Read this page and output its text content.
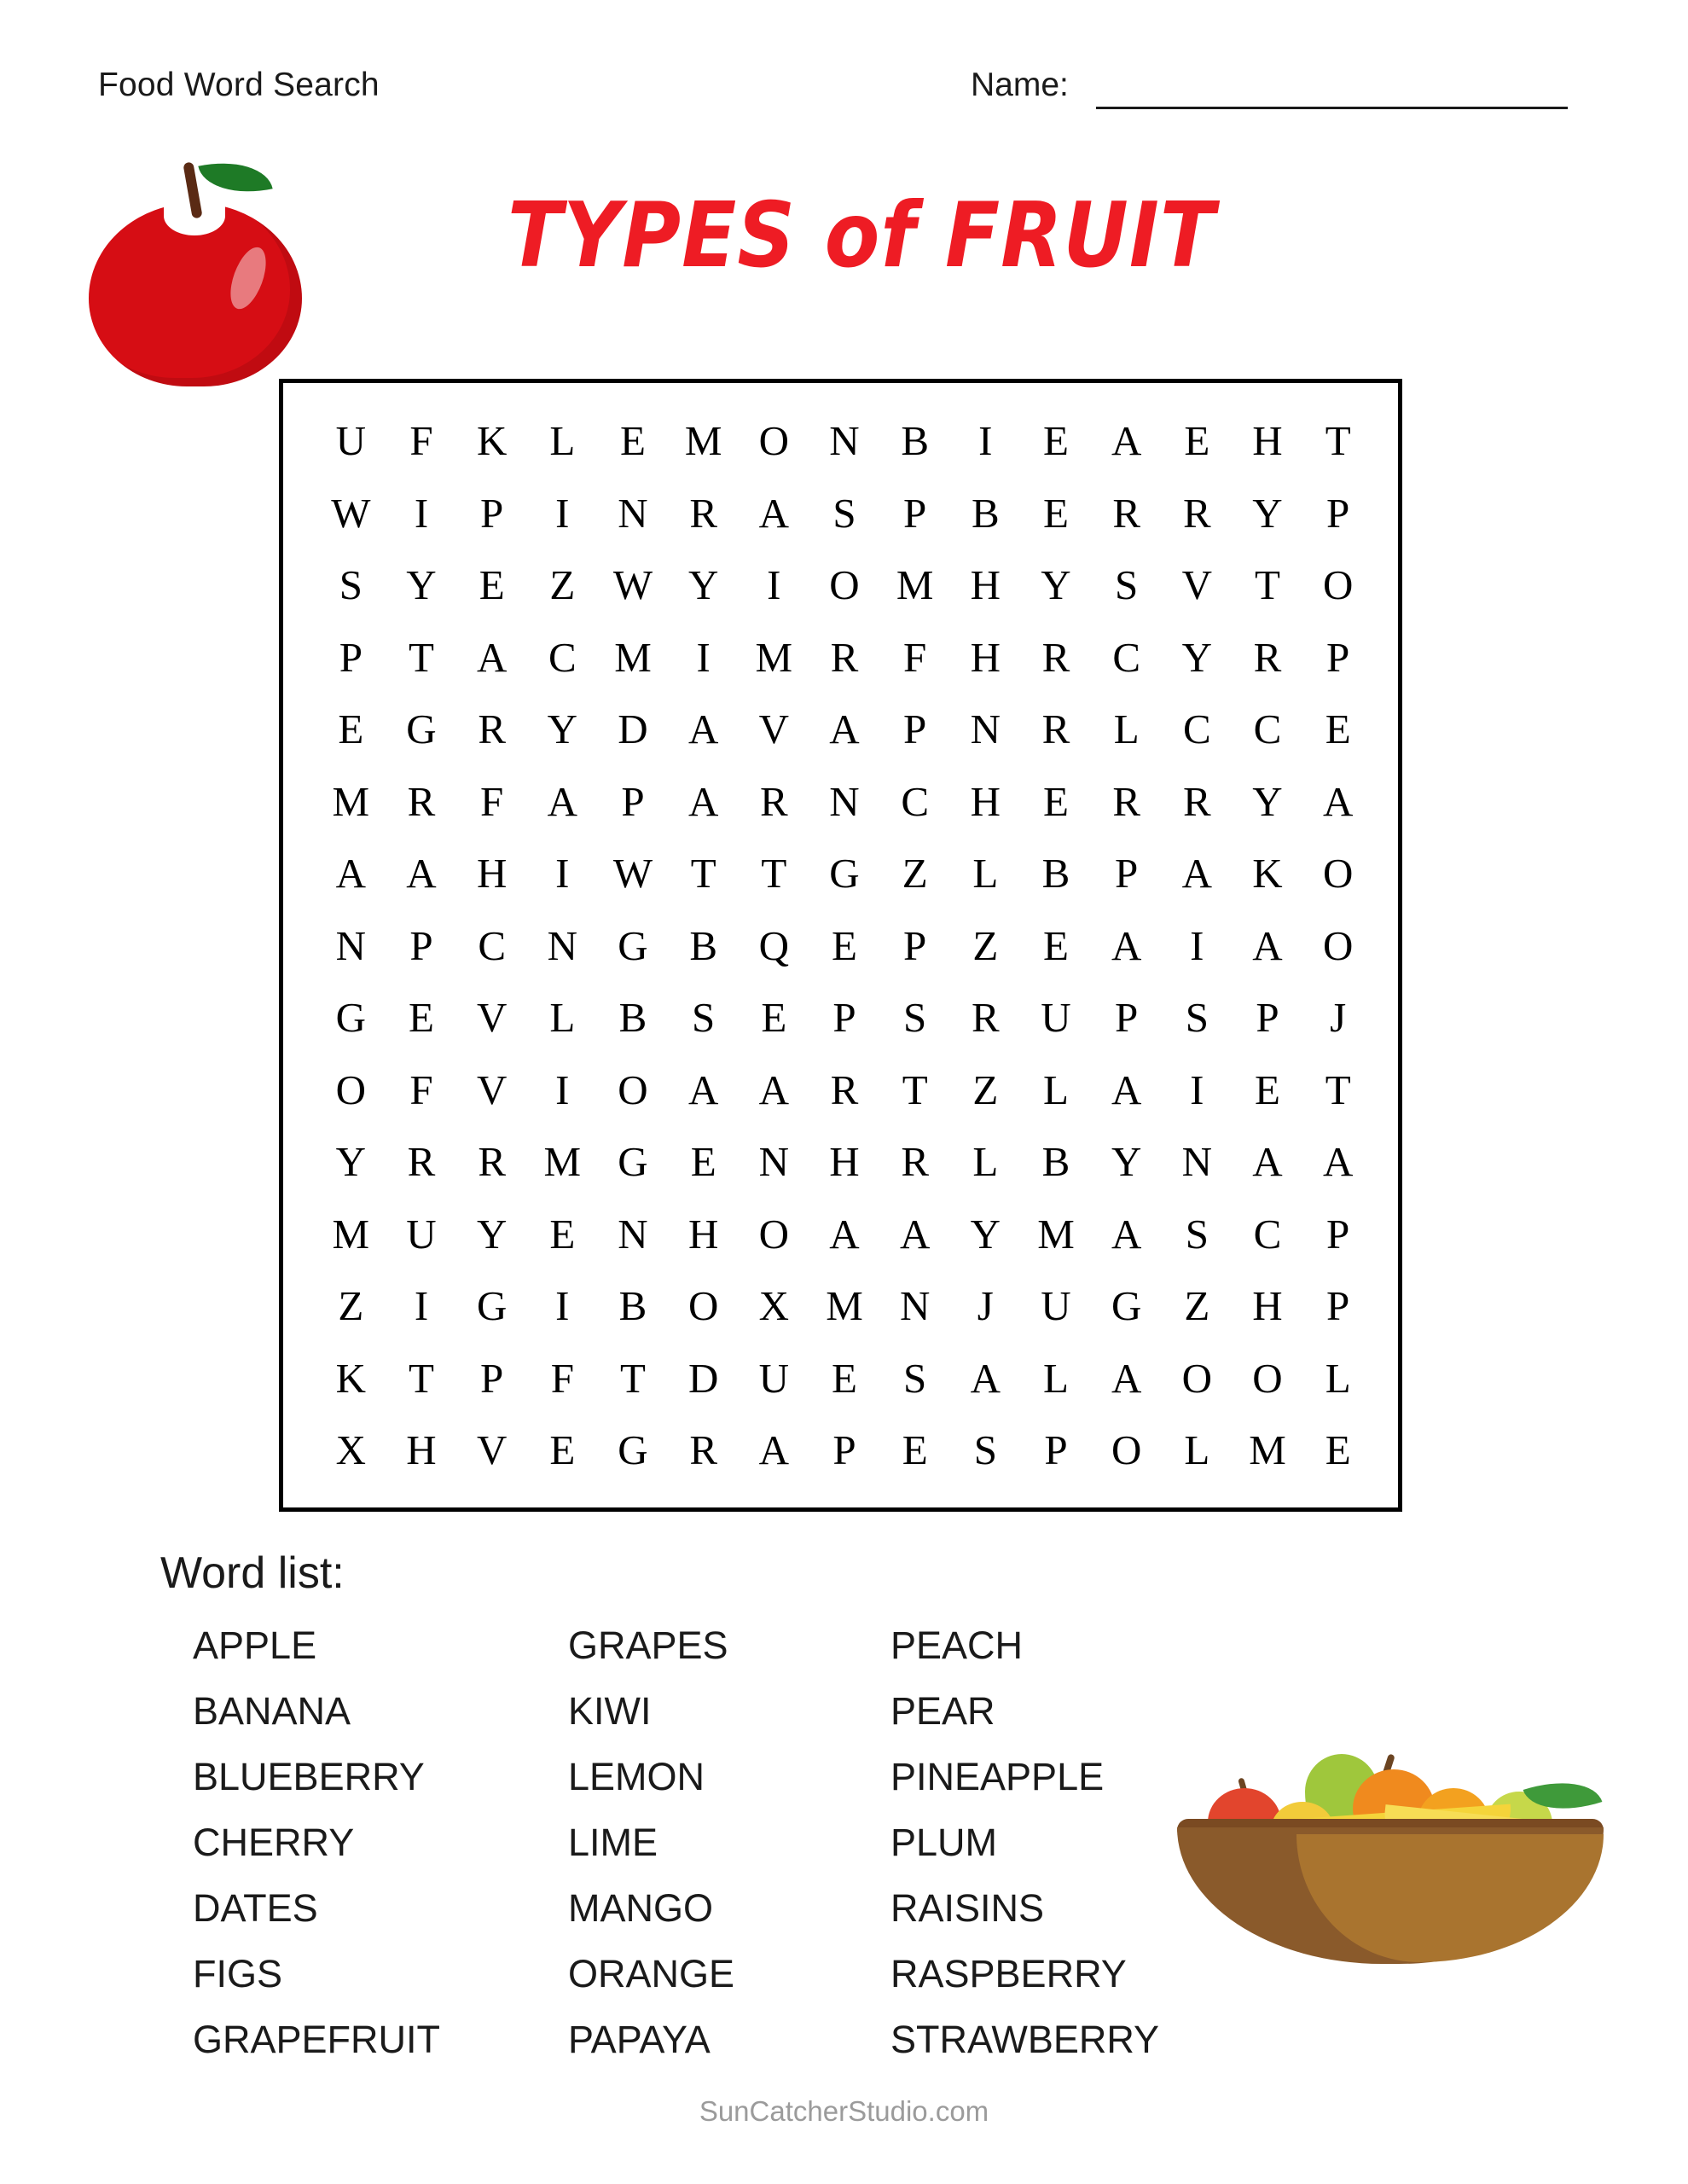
Food Word Search	Name:
TYPES of FRUIT
U	F	K	L	E M O N B	I	E	A	E	H	T
W	I	P	I	N R A	S	P	B	E	R	R Y	P
S	Y	E	Z W Y	I	O M H Y	S	V	T	O
P	T	A C M	I	M R	F	H R	C Y R	P
E	G R Y D A V A	P	N R	L	C	C	E
M R	F	A	P	A R N C H	E	R	R Y A
A A H	I	W T	T	G	Z	L	B	P	A K O
N	P	C N G B Q	E	P	Z	E	A	I	A O
G	E	V	L	B	S	E	P	S	R U	P	S	P	J
O	F	V	I	O A A R	T	Z	L	A	I	E	T
Y R	R M G	E	N H R	L	B Y N A A
M U Y	E	N H O A A Y M A	S	C	P
Z	I	G	I	B O X M N	J	U G	Z	H	P
K	T	P	F	T	D U	E	S	A	L	A O O	L
X H V	E	G R A	P	E	S	P	O	L M E
Word list:
APPLE	GRAPES	PEACH
BANANA	KIWI	PEAR
BLUEBERRY	LEMON	PINEAPPLE
CHERRY	LIME	PLUM
DATES	MANGO	RAISINS
FIGS	ORANGE	RASPBERRY
GRAPEFRUIT	PAPAYA	STRAWBERRY
SunCatcherStudio.com
